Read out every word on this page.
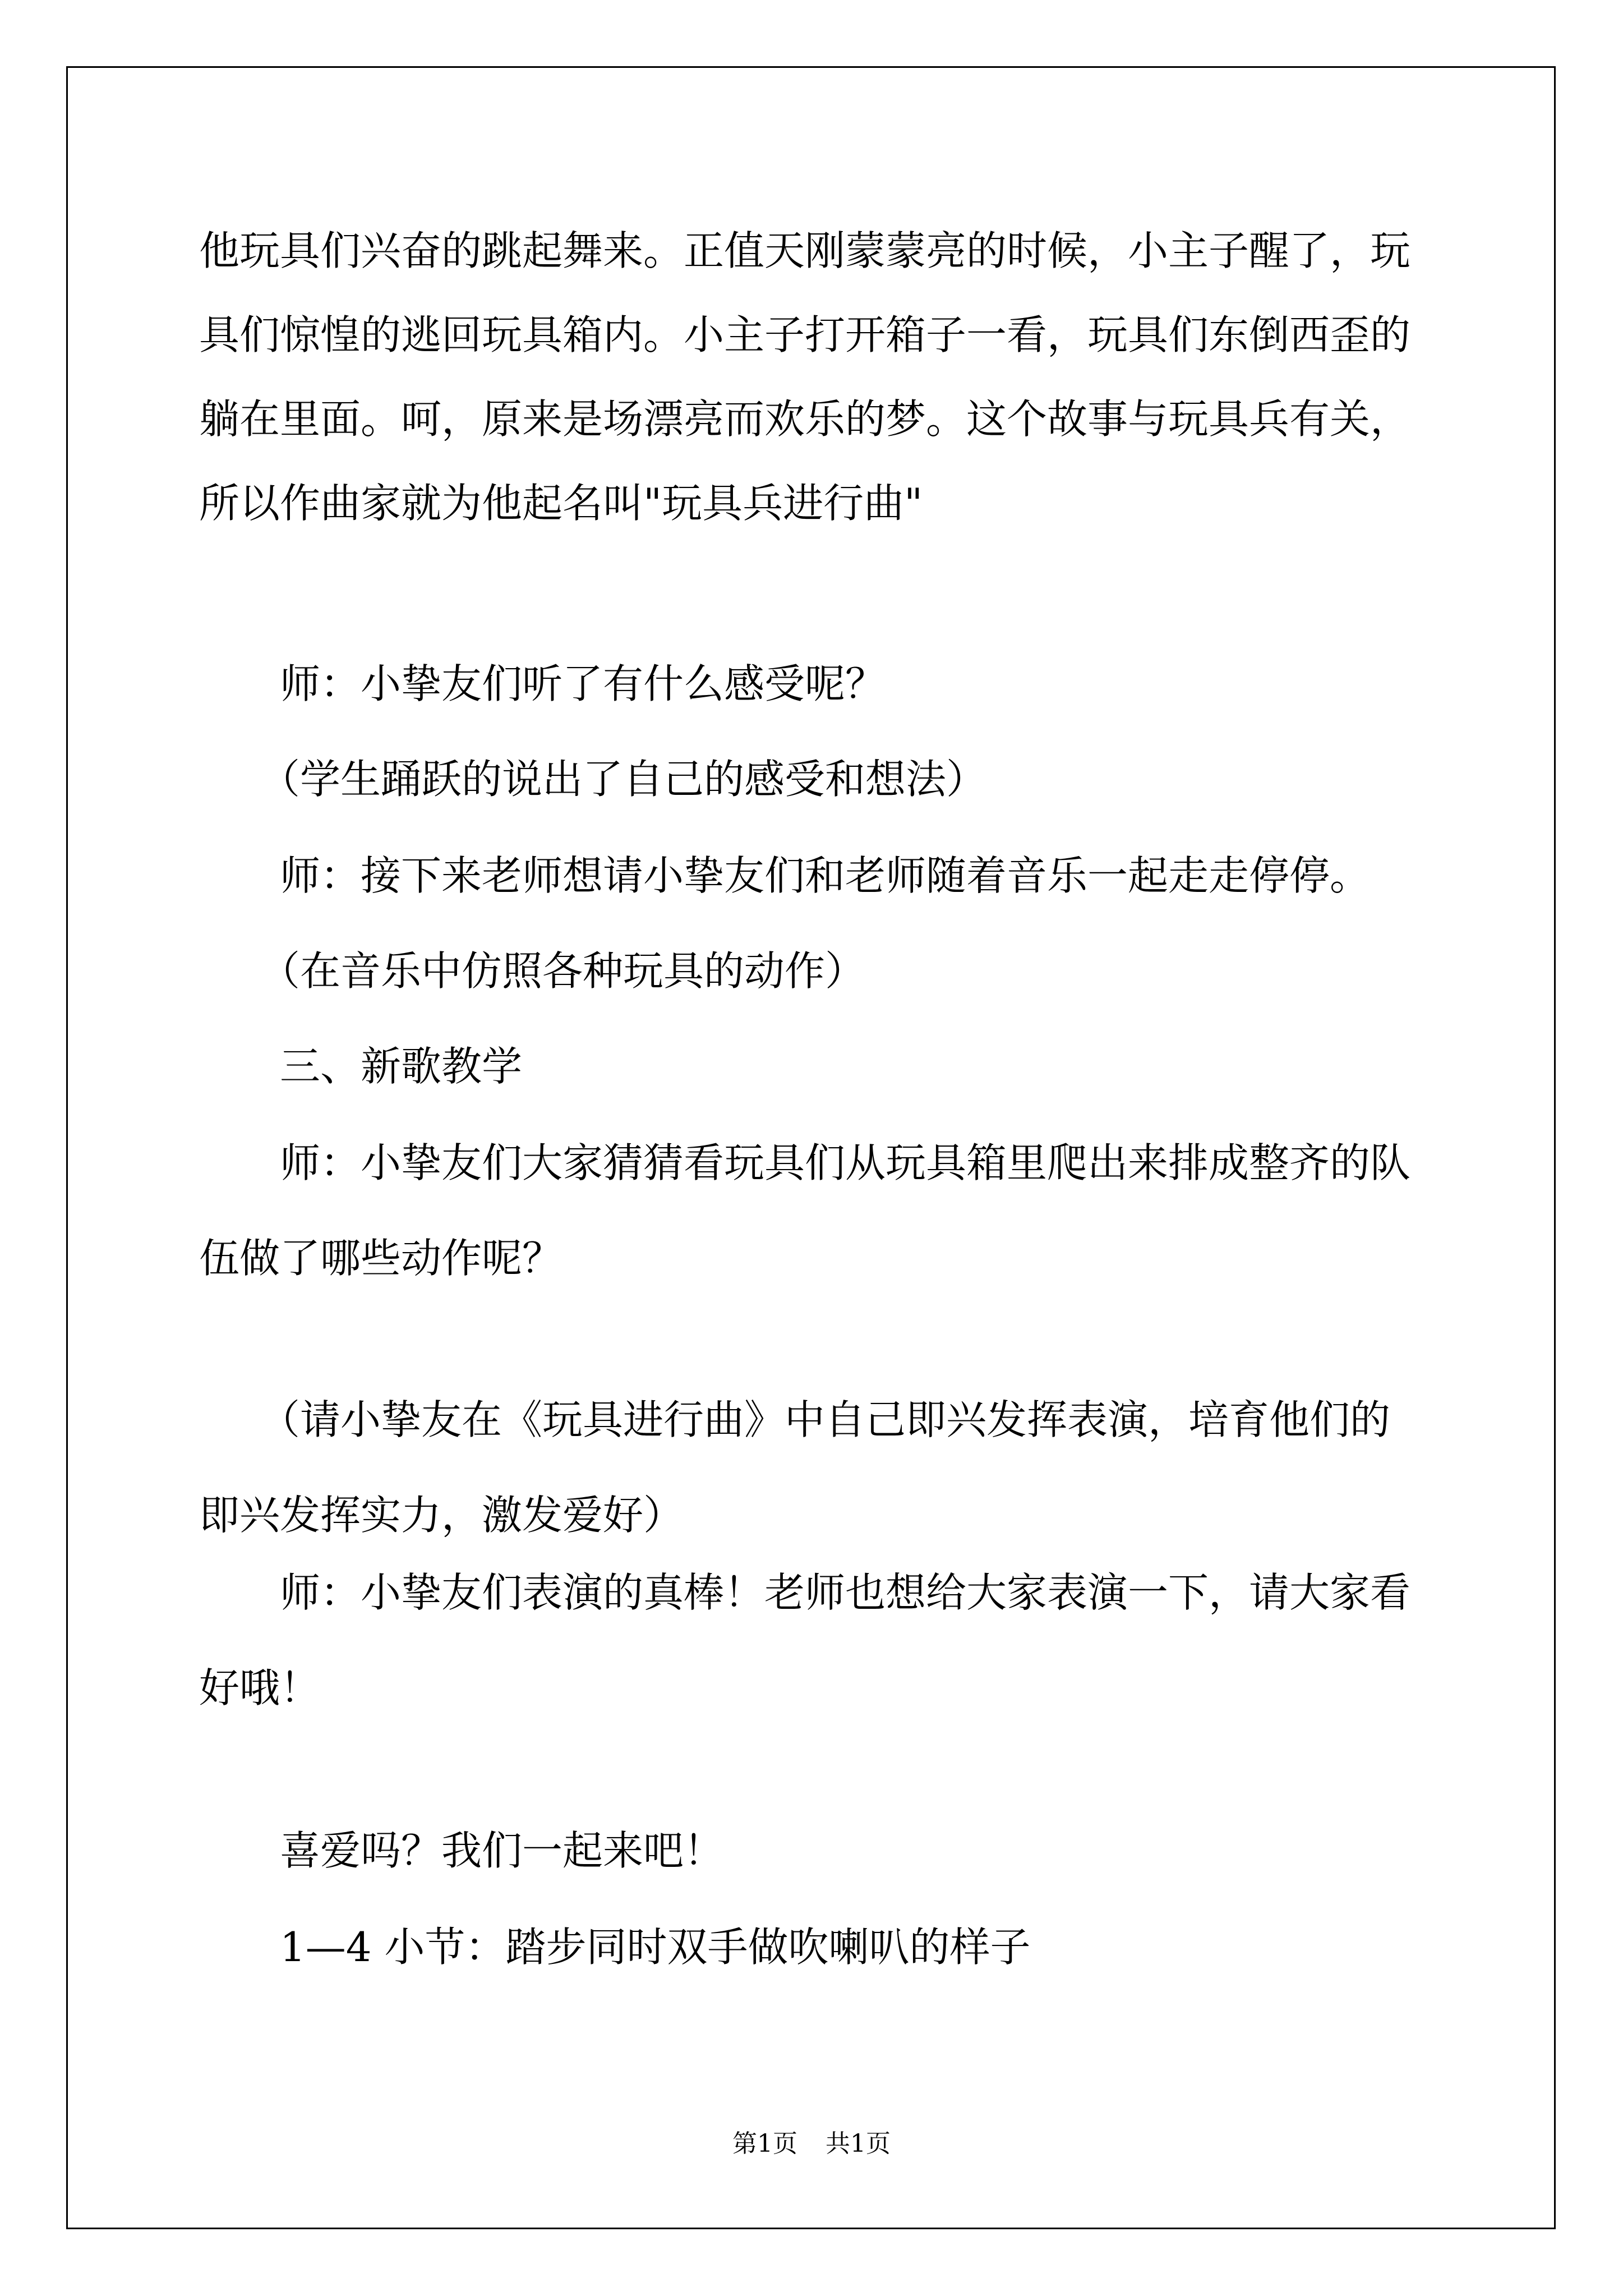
他玩具们兴奋的跳起舞来。正值天刚蒙蒙亮的时候，小主子醒了，玩
具们惊惶的逃回玩具箱内。小主子打开箱子一看，玩具们东倒西歪的
躺在里面。呵，原来是场漂亮而欢乐的梦。这个故事与玩具兵有关，
所以作曲家就为他起名叫"玩具兵进行曲"
　　师：小挚友们听了有什么感受呢？
　　（学生踊跃的说出了自己的感受和想法）
　　师：接下来老师想请小挚友们和老师随着音乐一起走走停停。
　　（在音乐中仿照各种玩具的动作）
　　三、新歌教学
　　师：小挚友们大家猜猜看玩具们从玩具箱里爬出来排成整齐的队
伍做了哪些动作呢？
　　（请小挚友在《玩具进行曲》中自己即兴发挥表演，培育他们的
即兴发挥实力，激发爱好）
　　师：小挚友们表演的真棒！老师也想给大家表演一下，请大家看
好哦！
　　喜爱吗？我们一起来吧！
　　1—4 小节：踏步同时双手做吹喇叭的样子
第1页 共1页
